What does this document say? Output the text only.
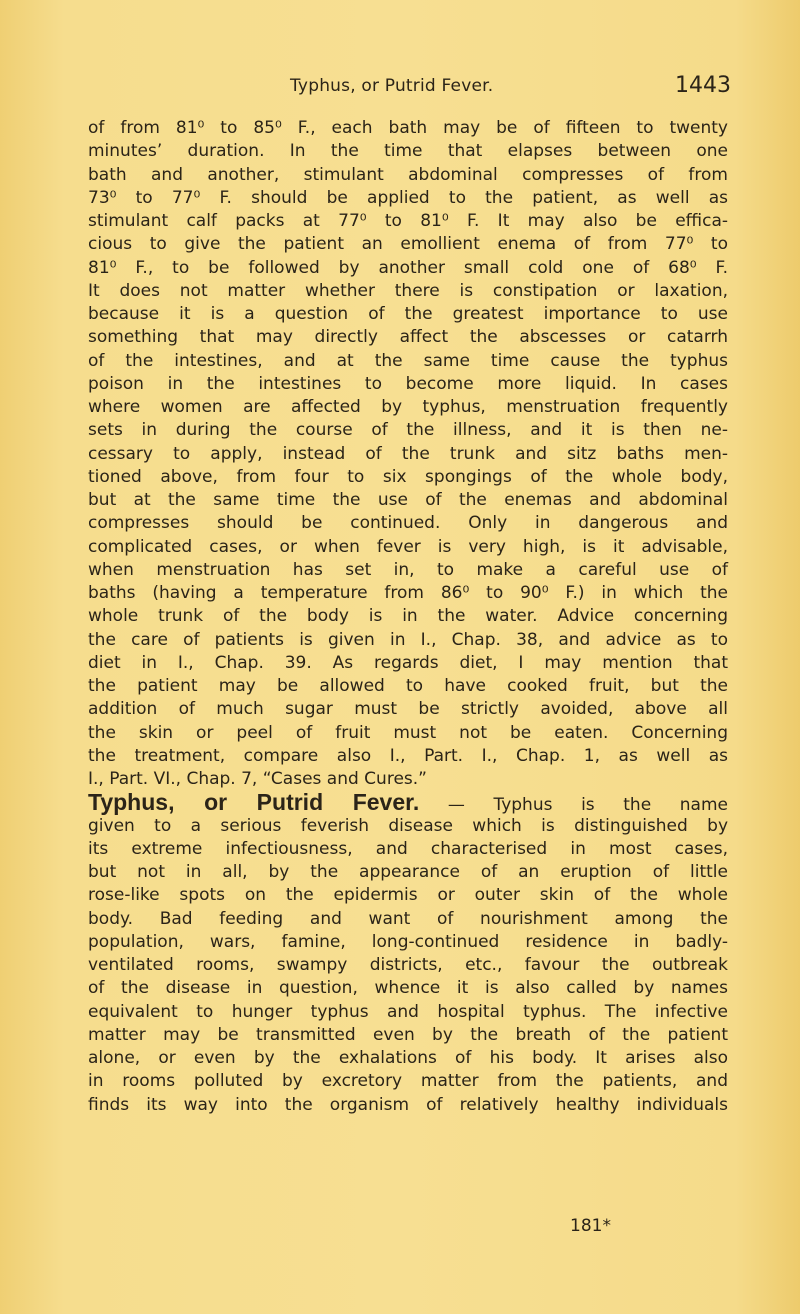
Typhus, or Putrid Fever.	1443
of from 81⁰ to 85⁰ F., each bath may be of fifteen to twenty
minutes’ duration. In the time that elapses between one
bath and another, stimulant abdominal compresses of from
73⁰ to 77⁰ F. should be applied to the patient, as well as
stimulant calf packs at 77⁰ to 81⁰ F. It may also be effica-
cious to give the patient an emollient enema of from 77⁰ to
81⁰ F., to be followed by another small cold one of 68⁰ F.
It does not matter whether there is constipation or laxation,
because it is a question of the greatest importance to use
something that may directly affect the abscesses or catarrh
of the intestines, and at the same time cause the typhus
poison in the intestines to become more liquid. In cases
where women are affected by typhus, menstruation frequently
sets in during the course of the illness, and it is then ne-
cessary to apply, instead of the trunk and sitz baths men-
tioned above, from four to six spongings of the whole body,
but at the same time the use of the enemas and abdominal
compresses should be continued. Only in dangerous and
complicated cases, or when fever is very high, is it advisable,
when menstruation has set in, to make a careful use of
baths (having a temperature from 86⁰ to 90⁰ F.) in which the
whole trunk of the body is in the water. Advice concerning
the care of patients is given in I., Chap. 38, and advice as to
diet in I., Chap. 39. As regards diet, I may mention that
the patient may be allowed to have cooked fruit, but the
addition of much sugar must be strictly avoided, above all
the skin or peel of fruit must not be eaten. Concerning
the treatment, compare also I., Part. I., Chap. 1, as well as
I., Part. VI., Chap. 7, “Cases and Cures.”
Typhus, or Putrid Fever. — Typhus is the name
given to a serious feverish disease which is distinguished by
its extreme infectiousness, and characterised in most cases,
but not in all, by the appearance of an eruption of little
rose-like spots on the epidermis or outer skin of the whole
body. Bad feeding and want of nourishment among the
population, wars, famine, long-continued residence in badly-
ventilated rooms, swampy districts, etc., favour the outbreak
of the disease in question, whence it is also called by names
equivalent to hunger typhus and hospital typhus. The infective
matter may be transmitted even by the breath of the patient
alone, or even by the exhalations of his body. It arises also
in rooms polluted by excretory matter from the patients, and
finds its way into the organism of relatively healthy individuals
181*
